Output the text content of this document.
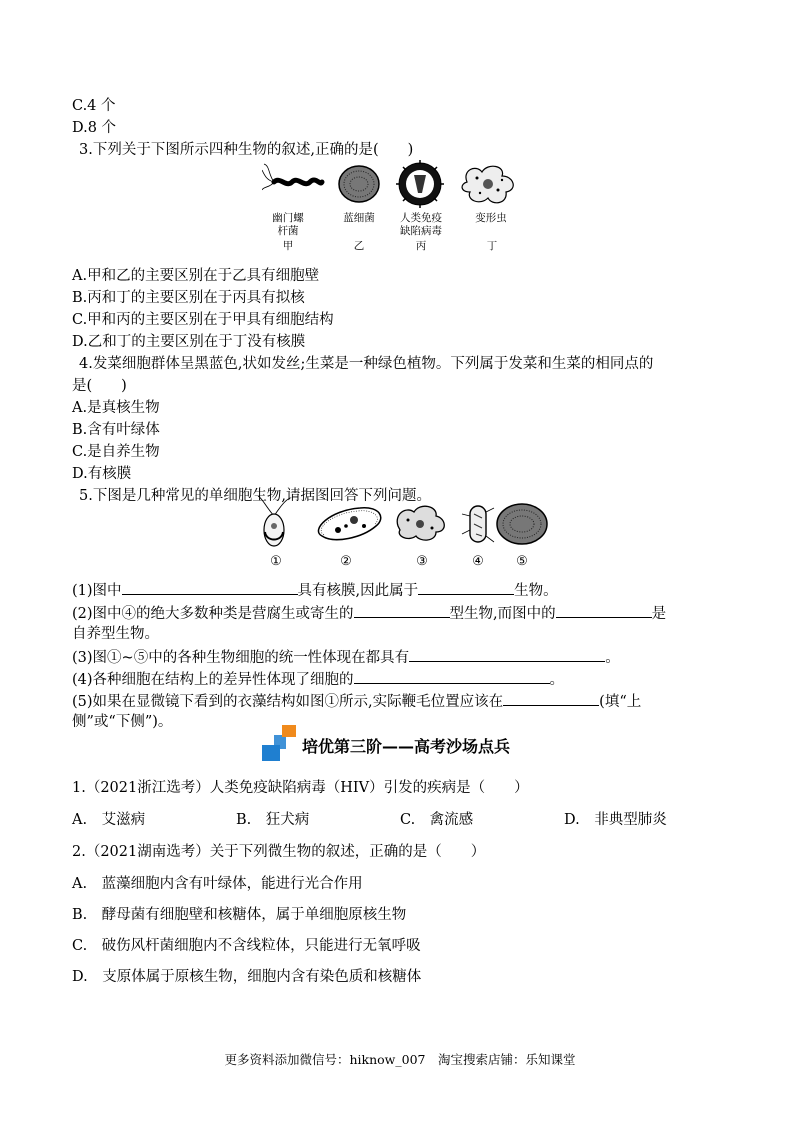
C.4 个
D.8 个
3.下列关于下图所示四种生物的叙述,正确的是(　　)
幽门螺
杆菌
蓝细菌	人类免疫
缺陷病毒
变形虫
甲	乙	丙	丁
A.甲和乙的主要区别在于乙具有细胞壁
B.丙和丁的主要区别在于丙具有拟核
C.甲和丙的主要区别在于甲具有细胞结构
D.乙和丁的主要区别在于丁没有核膜
4.发菜细胞群体呈黑蓝色,状如发丝;生菜是一种绿色植物。下列属于发菜和生菜的相同点的
是(　　)
A.是真核生物
B.含有叶绿体
C.是自养生物
D.有核膜
5.下图是几种常见的单细胞生物,请据图回答下列问题。
①	②	③	④	⑤
(1)图中	具有核膜,因此属于	生物。
(2)图中④的绝大多数种类是营腐生或寄生的	型生物,而图中的	是
自养型生物。
(3)图①~⑤中的各种生物细胞的统一性体现在都具有	。
(4)各种细胞在结构上的差异性体现了细胞的	。
(5)如果在显微镜下看到的衣藻结构如图①所示,实际鞭毛位置应该在	(填“上
侧”或“下侧”)。
培优第三阶——高考沙场点兵
1.（2021浙江选考）人类免疫缺陷病毒（HIV）引发的疾病是（　　）
A.　艾滋病	B.　狂犬病	C.　禽流感	D.　非典型肺炎
2.（2021湖南选考）关于下列微生物的叙述，正确的是（　　）
A.　蓝藻细胞内含有叶绿体，能进行光合作用
B.　酵母菌有细胞壁和核糖体，属于单细胞原核生物
C.　破伤风杆菌细胞内不含线粒体，只能进行无氧呼吸
D.　支原体属于原核生物，细胞内含有染色质和核糖体
更多资料添加微信号：hiknow_007　淘宝搜索店铺：乐知课堂
